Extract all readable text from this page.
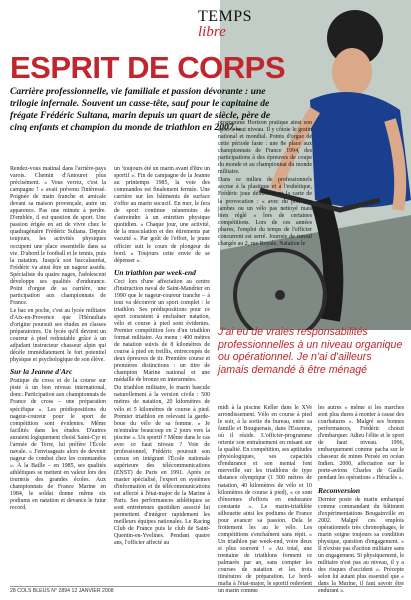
TEMPS
libre
ESPRIT DE CORPS
Carrière professionnelle, vie familiale et passion dévorante : une trilogie infernale. Souvent un casse-tête, sauf pour le capitaine de frégate Frédéric Sultana, marin depuis un quart de siècle, père de cinq enfants et champion du monde de triathlon en 2007...

Rendez-vous matinal dans l'arrière-pays varois. Chemin d'Antouret plus précisément. « Vous verrez, c'est la campagne ! » avait prévenu l'intéressé. Poignée de main franche et amicale devant sa maison provençale, autre un apparence. Pas une minute à perdre. D'emblée, il est question de sport. Une passion érigée en art de vivre chez le quadragénaire Frédéric Sultana. Depuis toujours, les activités physiques occupent une place essentielle dans sa vie. D'abord le football et le tennis, puis la natation. Jusqu'à son baccalauréat, Frédéric va ainsi être un nageur assidu. Spécialiste du quatre nages, l'adolescent développe ses qualités d'endurance. Point d'orgue de sa carrière, une participation aux championnats de France.

Le bac en poche, c'est au lycée militaire d'Aix-en-Provence que l'Héraultais d'origine poursuit ses études en classes préparatoires. Un lycée qu'il devient un coureur à pied redoutable grâce à un adjudant instructeur chasseur alpin qui décèle immédiatement le fort potentiel physique et psychologique de son élève.

Sur la Jeanne d'Arc

Pratique du cross et de la course sur piste à un bon niveau international, donc. Participation aux championnats de France de cross – une préparation spécifique ». Les prédispositions du nageur-coureur pour le sport de compétition sont évidentes. Même facilités dans les études. D'autres auraient logiquement choisi Saint-Cyr et l'armée de Terre, lui préfère l'École navale. « J'envisageais alors de devenir nageur de combat chez les commandos ». À la Baille – en 1985, ses qualités athlétiques se mettent en valeur lors des tournois des grandes écoles. Aux championnats de France Marine en 1984, le soldat donne même six podiums en natation et devance le futur record.

un ‘toujours été un marin avant d'être un sportif ». Fin de campagne de la Jeanne au printemps 1985, la voie des commandos est finalement fermée. Une carrière sur les bâtiments de surface s'offre au marin sucucif. En mer, le fera de sport continue néanmoins de s'astreindre à un entretien physique quotidien. « Chaque jour, une activité, de la musculation et des étirements par vacuité ». Par goût de l'effort, le jeune officier suit le cours de plongeur de bord. « Toujours cette envie de se dépenser ».

Un triathlon par week-end

Ceci lors d'une affectation au centre d'instruction naval de Saint-Mandrier en 1990 que le nageur-coureur tranche – à tout va découvrir un sport complet : le triathlon. Ses prédispositions pour ce sport consistent à enchaîner natation, vélo et course à pied sont évidentes. Premier compétition lors d'un triathlon format militaire. Au menu : 400 mètres de natation suivis de 8 kilomètres de course à pied en treillis, entrecoupés de deux épreuves de tir. Première course et premières distinctions : un titre de champion Marine national et une médaille de bronze en interarmées.

Du triathlon militaire, le marin bascule naturellement à la version civile : 500 mètres de natation, 20 kilomètres de vélo et 5 kilomètres de course à pied. Premier triathlon en relevant la garde-boue du vélo de sa femme. « Je m'entraîne beaucoup en 2 jours vers la piscine ». Un sportif ? Même dans le cas avec ce haut niveau ? Voie de professionnel, Frédéric poursuit son cursus en intégrant l'École nationale supérieure des télécommunications (ENST) de Paris en 1991. Après ce master spécialisé, l'expert en systèmes d'information et de télécommunications est affecté à l'état-major de la Marine à Paris. Ses performances athlétiques se sont entretenues quotidien associé lui permettent d'intégrer rapidement les meilleurs équipes nationales. Le Racing Club de France puis le club de Saint-Quentin-en-Yvelines. Pendant quatre ans, l'officier affecté au

programme Horizon pratique ainsi son sport à haut niveau. Il y côtoie le gratin national et mondial. Points d'orgue de cette période faste : une 8e place aux championnats de France 1994, des participations à des épreuves de coupe du monde et au championnat du monde militaire.

Dans ce milieu de professionnels accrue à la plastique et à l'esthétique, Frédéric joue délibérément la carte de la provocation : « avec du poil aux jambes ou un vélo pas nettoyé mais bien réglé » lors de certaines compétitions. Lors de ces années phares, l'emploi du temps de l'officier concurrent est serré. Journée de travail chargée au 2, rue Royale, Natation le

J'ai eu de vraies responsabilités professionnelles à un niveau organique ou opérationnel. Je n'ai d'ailleurs jamais demandé à être ménagé

midi à la piscine Keller dans le XVe arrondissement. Vélo en course à pied le soir, à la sortie du bureau, entre sa famille et Bouguenais, dans l'Essonne, où il réside. L'officier-programme oriente son entraînement en misant sur la qualité. En compétition, ses aptitudes physiologiques, ses capacités d'endurance et son mental font merveille sur les triathlons de type distance olympique (1 500 mètres de natation, 40 kilomètres de vélo et 10 kilomètres de course à pied), « ce sont d'énormes d'efforts en endurance constante ». Le marin-triathlète silhouette ainsi les podiums de France pour avancer sa passion. Dela le frottement les au le vélo. Les compétitions s'enchaînent sans répit. « Un triathlon par week-end, voire deux si plus souvent ! » Au total, une trentaine de triathlons forment ce palmarès par an, sans compter les courses de natation et les trois itinéraires de préparation. Le bord-mafia à l'état-major, le sportif redevient un marin comme

les autres » même si les marches sont plus dures à monter à cause des courbatures ». Malgré ses bonnes performances, Frédéric choisit d'embarquer. Adieu l'élite et le sport de haut niveau. 1996, embarquement comme pacha sur le chasseur de mines Persée en océan Indien. 2000, affectation sur le porte-avions Charles de Gaulle pendant les opérations « Héraclès ».

Reconversion

Dernier poste de marin embarqué comme commandant du bâtiment d'expérimentations Bougainville en 2002. Malgré ces emplois opérationnels très chronophages, le marin soigne toujours sa condition physique, question d'engagement. « Il n'existe pas d'action militaire sans un engagement. Si physiquement, le militaire n'est pas au niveau, il y a des risques d'accident ». Précepte selon lui autant plus essentiel que « dans la Marine, il faut savoir être endurant ».

28 COLS BLEUS N° 2894 12 JANVIER 2008
